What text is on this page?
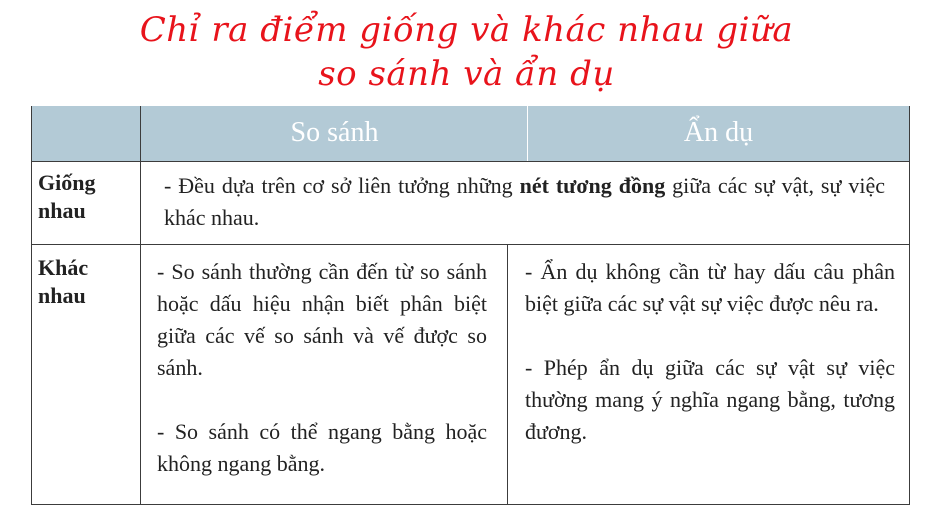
Chỉ ra điểm giống và khác nhau giữa
so sánh và ẩn dụ
So sánh	Ẩn dụ
Giống nhau

- Đều dựa trên cơ sở liên tưởng những nét tương đồng giữa các sự vật, sự việc khác nhau.

Khác nhau

- So sánh thường cần đến từ so sánh hoặc dấu hiệu nhận biết phân biệt giữa các vế so sánh và vế được so sánh.

- So sánh có thể ngang bằng hoặc không ngang bằng.

- Ẩn dụ không cần từ hay dấu câu phân biệt giữa các sự vật sự việc được nêu ra.

- Phép ẩn dụ giữa các sự vật sự việc thường mang ý nghĩa ngang bằng, tương đương.
